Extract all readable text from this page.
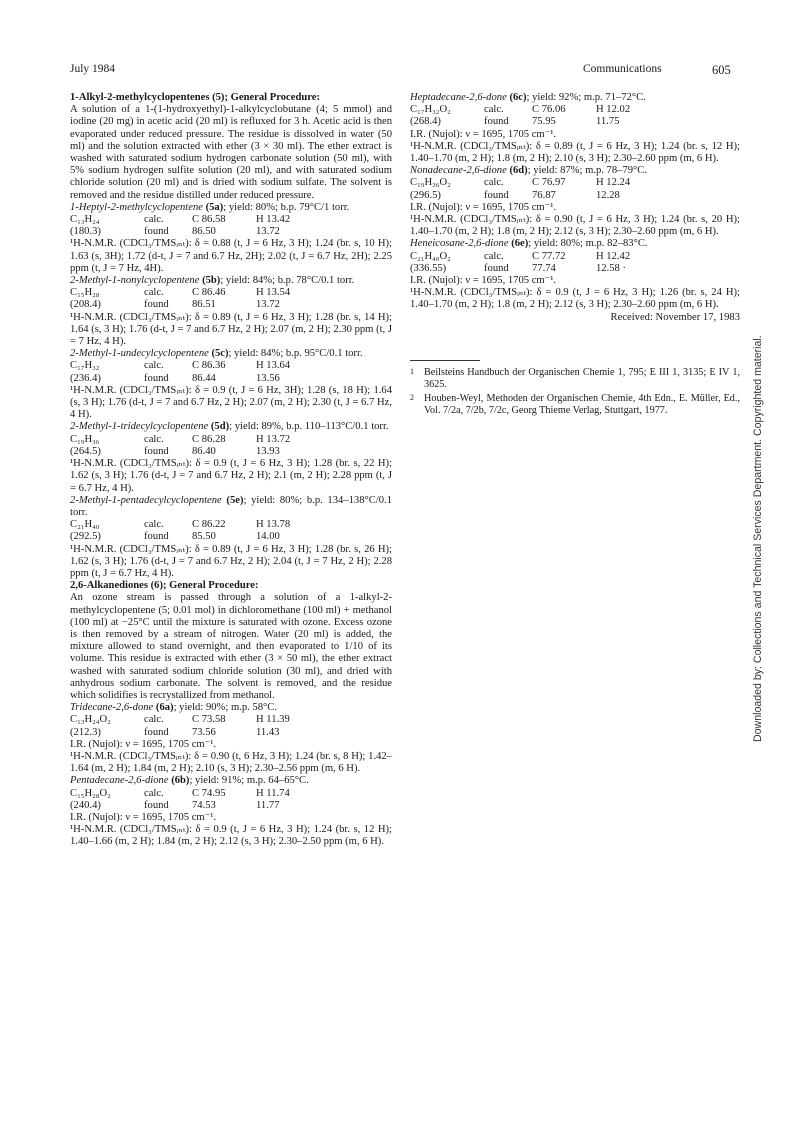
July 1984	Communications	605

1-Alkyl-2-methylcyclopentenes (5); General Procedure:

A solution of a 1-(1-hydroxyethyl)-1-alkylcyclobutane (4; 5 mmol) and iodine (20 mg) in acetic acid (20 ml) is refluxed for 3 h. Acetic acid is then evaporated under reduced pressure. The residue is dissolved in water (50 ml) and the solution extracted with ether (3 × 30 ml). The ether extract is washed with saturated sodium hydrogen carbonate solution (50 ml), with 5% sodium hydrogen sulfite solution (20 ml), and with saturated sodium chloride solution (20 ml) and is dried with sodium sulfate. The solvent is removed and the residue distilled under reduced pressure.

1-Heptyl-2-methylcyclopentene (5a); yield: 80%; b.p. 79°C/1 torr.

C₁₃H₂₄	calc.	C 86.58	H 13.42
(180.3)	found	86.50	13.72

¹H-N.M.R. (CDCl₃/TMSᵢₙₜ): δ = 0.88 (t, J = 6 Hz, 3 H); 1.24 (br. s, 10 H); 1.63 (s, 3H); 1.72 (d-t, J = 7 and 6.7 Hz, 2H); 2.02 (t, J = 6.7 Hz, 2H); 2.25 ppm (t, J = 7 Hz, 4H).

2-Methyl-1-nonylcyclopentene (5b); yield: 84%; b.p. 78°C/0.1 torr.

C₁₅H₂₈	calc.	C 86.46	H 13.54
(208.4)	found	86.51	13.72

¹H-N.M.R. (CDCl₃/TMSᵢₙₜ): δ = 0.89 (t, J = 6 Hz, 3 H); 1.28 (br. s, 14 H); 1.64 (s, 3 H); 1.76 (d-t, J = 7 and 6.7 Hz, 2 H); 2.07 (m, 2 H); 2.30 ppm (t, J = 7 Hz, 4 H).

2-Methyl-1-undecylcyclopentene (5c); yield: 84%; b.p. 95°C/0.1 torr.

C₁₇H₃₂	calc.	C 86.36	H 13.64
(236.4)	found	86.44	13.56

¹H-N.M.R. (CDCl₃/TMSᵢₙₜ): δ = 0.9 (t, J = 6 Hz, 3H); 1.28 (s, 18 H); 1.64 (s, 3 H); 1.76 (d-t, J = 7 and 6.7 Hz, 2 H); 2.07 (m, 2 H); 2.30 (t, J = 6.7 Hz, 4 H).

2-Methyl-1-tridecylcyclopentene (5d); yield: 89%, b.p. 110–113°C/0.1 torr.

C₁₉H₃₆	calc.	C 86.28	H 13.72
(264.5)	found	86.40	13.93

¹H-N.M.R. (CDCl₃/TMSᵢₙₜ): δ = 0.9 (t, J = 6 Hz, 3 H); 1.28 (br. s, 22 H); 1.62 (s, 3 H); 1.76 (d-t, J = 7 and 6.7 Hz, 2 H); 2.1 (m, 2 H); 2.28 ppm (t, J = 6.7 Hz, 4 H).

2-Methyl-1-pentadecylcyclopentene (5e); yield: 80%; b.p. 134–138°C/0.1 torr.

C₂₁H₄₀	calc.	C 86.22	H 13.78
(292.5)	found	85.50	14.00

¹H-N.M.R. (CDCl₃/TMSᵢₙₜ): δ = 0.89 (t, J = 6 Hz, 3 H); 1.28 (br. s, 26 H); 1.62 (s, 3 H); 1.76 (d-t, J = 7 and 6.7 Hz, 2 H); 2.04 (t, J = 7 Hz, 2 H); 2.28 ppm (t, J = 6.7 Hz, 4 H).

2,6-Alkanediones (6); General Procedure:

An ozone stream is passed through a solution of a 1-alkyl-2-methylcyclopentene (5; 0.01 mol) in dichloromethane (100 ml) + methanol (100 ml) at −25°C until the mixture is saturated with ozone. Excess ozone is then removed by a stream of nitrogen. Water (20 ml) is added, the mixture allowed to stand overnight, and then evaporated to 1/10 of its volume. This residue is extracted with ether (3 × 50 ml), the ether extract washed with saturated sodium chloride solution (30 ml), and dried with anhydrous sodium carbonate. The solvent is removed, and the residue which solidifies is recrystallized from methanol.

Tridecane-2,6-done (6a); yield: 90%; m.p. 58°C.

C₁₃H₂₄O₂	calc.	C 73.58	H 11.39
(212.3)	found	73.56	11.43

I.R. (Nujol): ν = 1695, 1705 cm⁻¹.

¹H-N.M.R. (CDCl₃/TMSᵢₙₜ): δ = 0.90 (t, 6 Hz, 3 H); 1.24 (br. s, 8 H); 1.42–1.64 (m, 2 H); 1.84 (m, 2 H); 2.10 (s, 3 H); 2.30–2.56 ppm (m, 6 H).

Pentadecane-2,6-dione (6b); yield: 91%; m.p. 64–65°C.

C₁₅H₂₈O₂	calc.	C 74.95	H 11.74
(240.4)	found	74.53	11.77

I.R. (Nujol): ν = 1695, 1705 cm⁻¹.

¹H-N.M.R. (CDCl₃/TMSᵢₙₜ): δ = 0.9 (t, J = 6 Hz, 3 H); 1.24 (br. s, 12 H); 1.40–1.66 (m, 2 H); 1.84 (m, 2 H); 2.12 (s, 3 H); 2.30–2.50 ppm (m, 6 H).

Heptadecane-2,6-done (6c); yield: 92%; m.p. 71–72°C.

C₁₇H₃₂O₂	calc.	C 76.06	H 12.02
(268.4)	found	75.95	11.75

I.R. (Nujol): ν = 1695, 1705 cm⁻¹.

¹H-N.M.R. (CDCl₃/TMSᵢₙₜ): δ = 0.89 (t, J = 6 Hz, 3 H); 1.24 (br. s, 12 H); 1.40–1.70 (m, 2 H); 1.8 (m, 2 H); 2.10 (s, 3 H); 2.30–2.60 ppm (m, 6 H).

Nonadecane-2,6-dione (6d); yield: 87%; m.p. 78–79°C.

C₁₉H₃₆O₂	calc.	C 76.97	H 12.24
(296.5)	found	76.87	12.28

I.R. (Nujol): ν = 1695, 1705 cm⁻¹.

¹H-N.M.R. (CDCl₃/TMSᵢₙₜ): δ = 0.90 (t, J = 6 Hz, 3 H); 1.24 (br. s, 20 H); 1.40–1.70 (m, 2 H); 1.8 (m, 2 H); 2.12 (s, 3 H); 2.30–2.60 ppm (m, 6 H).

Heneicosane-2,6-dione (6e); yield: 80%; m.p. 82–83°C.

C₂₁H₄₀O₂	calc.	C 77.72	H 12.42
(336.55)	found	77.74	12.58 ·

I.R. (Nujol): ν = 1695, 1705 cm⁻¹.

¹H-N.M.R. (CDCl₃/TMSᵢₙₜ): δ = 0.9 (t, J = 6 Hz, 3 H); 1.26 (br. s, 24 H); 1.40–1.70 (m, 2 H); 1.8 (m, 2 H); 2.12 (s, 3 H); 2.30–2.60 ppm (m, 6 H).

Received: November 17, 1983

1 Beilsteins Handbuch der Organischen Chemie 1, 795; E III 1, 3135; E IV 1, 3625.
2 Houben-Weyl, Methoden der Organischen Chemie, 4th Edn., E. Müller, Ed., Vol. 7/2a, 7/2b, 7/2c, Georg Thieme Verlag, Stuttgart, 1977.	Downloaded by: Collections and Technical Services Department. Copyrighted material.
